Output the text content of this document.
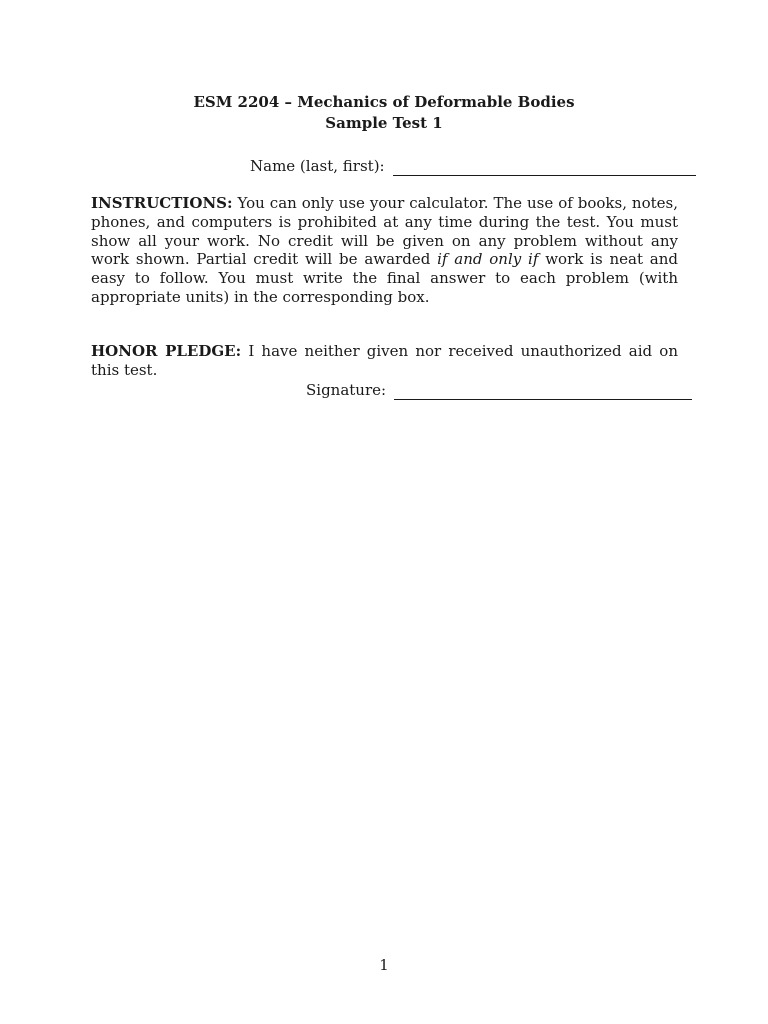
ESM 2204 – Mechanics of Deformable Bodies
Sample Test 1
Name (last, first):
INSTRUCTIONS: You can only use your calculator. The use of books, notes, phones, and computers is prohibited at any time during the test. You must show all your work. No credit will be given on any problem without any work shown. Partial credit will be awarded if and only if work is neat and easy to follow. You must write the final answer to each problem (with appropriate units) in the corresponding box.
HONOR PLEDGE: I have neither given nor received unauthorized aid on this test.
Signature:
1
